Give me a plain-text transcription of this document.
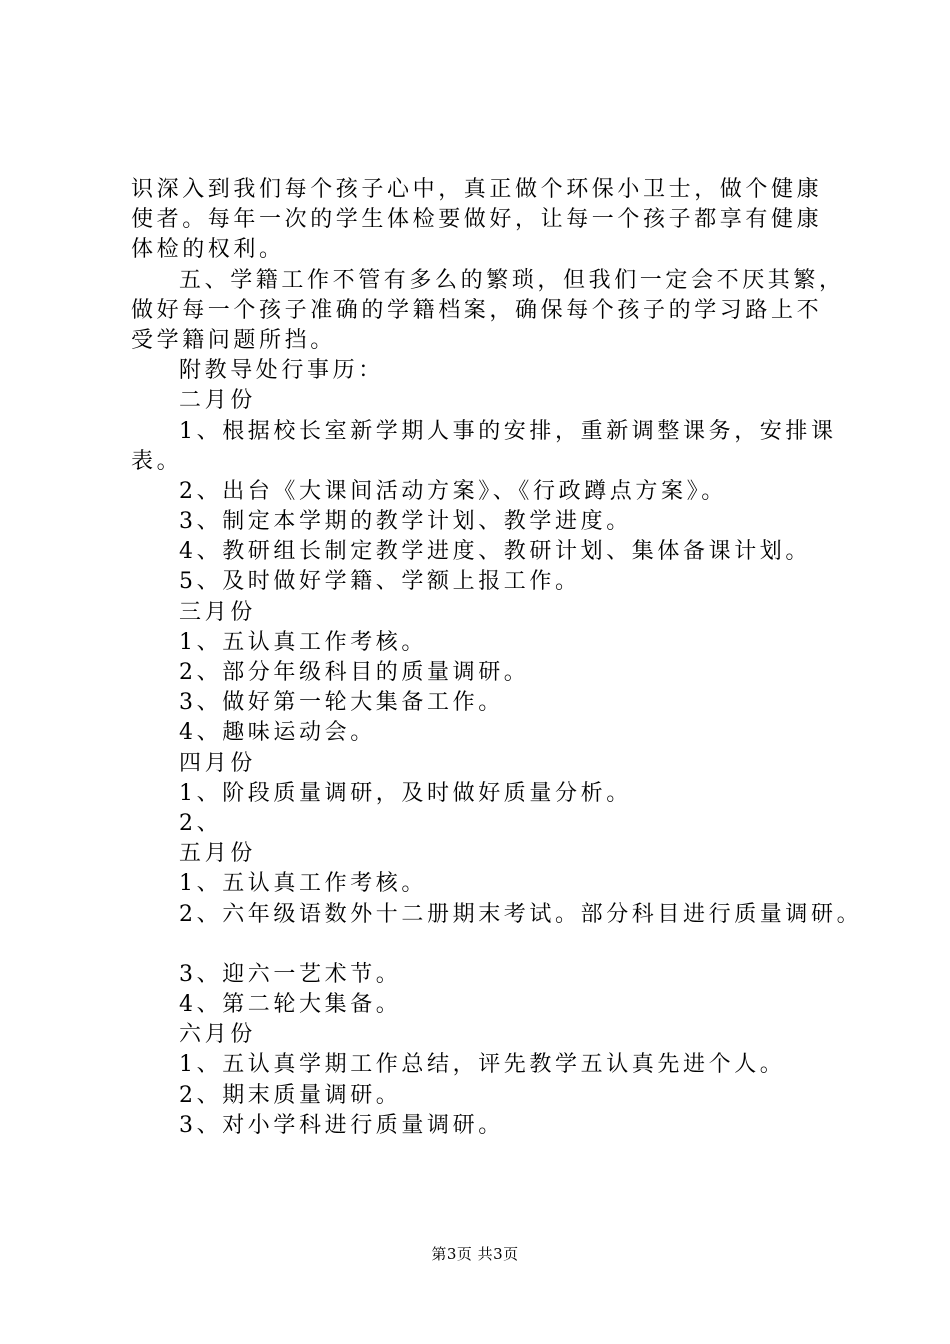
识深入到我们每个孩子心中，真正做个环保小卫士，做个健康
使者。每年一次的学生体检要做好，让每一个孩子都享有健康
体检的权利。
五、学籍工作不管有多么的繁琐，但我们一定会不厌其繁，
做好每一个孩子准确的学籍档案，确保每个孩子的学习路上不
受学籍问题所挡。
附教导处行事历：
二月份
1、根据校长室新学期人事的安排，重新调整课务，安排课
表。
2、出台《大课间活动方案》、《行政蹲点方案》。
3、制定本学期的教学计划、教学进度。
4、教研组长制定教学进度、教研计划、集体备课计划。
5、及时做好学籍、学额上报工作。
三月份
1、五认真工作考核。
2、部分年级科目的质量调研。
3、做好第一轮大集备工作。
4、趣味运动会。
四月份
1、阶段质量调研，及时做好质量分析。
2、
五月份
1、五认真工作考核。
2、六年级语数外十二册期末考试。部分科目进行质量调研。
3、迎六一艺术节。
4、第二轮大集备。
六月份
1、五认真学期工作总结，评先教学五认真先进个人。
2、期末质量调研。
3、对小学科进行质量调研。
第3页 共3页
